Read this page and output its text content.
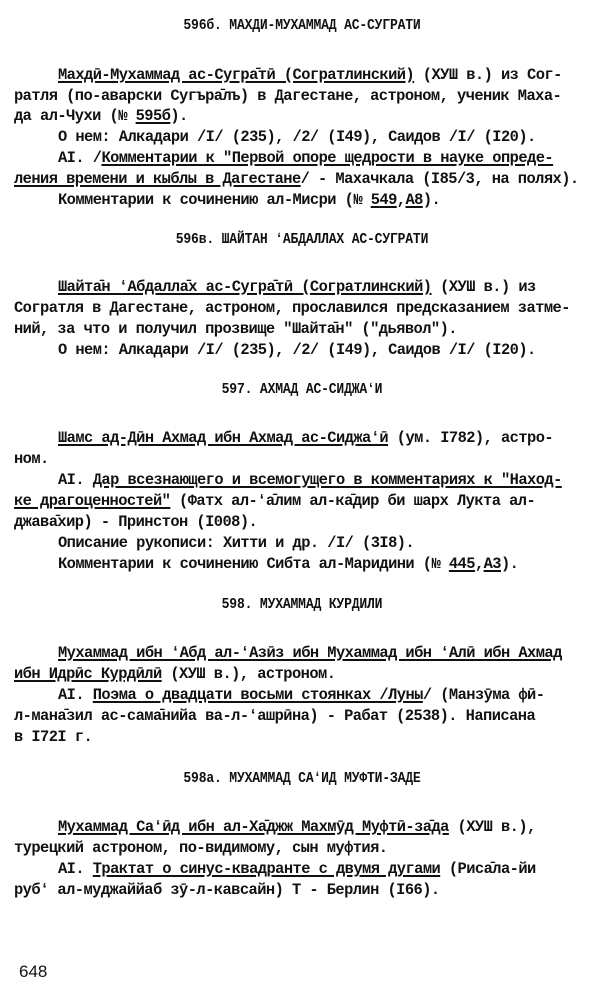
596б. МАХДИ-МУХАММАД АС-СУГРАТИ
Махдӣ-Мухаммад ас-Сугра̄тӣ (Согратлинский) (ХУШ в.) из Сог-
ратля (по-аварски Сугъра̄лъ) в Дагестане, астроном, ученик Маха-
да ал-Чухи (№ 595б).
О нем: Алкадари /I/ (235), /2/ (I49), Саидов /I/ (I20).
AI. /Комментарии к "Первой опоре щедрости в науке опреде-
ления времени и кыблы в Дагестане/ - Махачкала (I85/3, на полях).
Комментарии к сочинению ал-Мисри (№ 549,А8).
596в. ШАЙТАН ʻАБДАЛЛАХ АС-СУГРАТИ
Шайта̄н ʻАбдалла̄х ас-Сугра̄тӣ (Согратлинский) (ХУШ в.) из
Согратля в Дагестане, астроном, прославился предсказанием затме-
ний, за что и получил прозвище "Шайта̄н" ("дьявол").
О нем: Алкадари /I/ (235), /2/ (I49), Саидов /I/ (I20).
597. АХМАД АС-СИДЖАʻИ
Шамс ад-Дӣн Ахмад ибн Ахмад ас-Сиджаʻӣ (ум. I782), астро-
ном.
AI. Дар всезнающего и всемогущего в комментариях к "Наход-
ке драгоценностей" (Фатх ал-ʻа̄лим ал-ка̄дир би шарх Лукта ал-
джава̄хир) - Принстон (I008).
Описание рукописи: Хитти и др. /I/ (3I8).
Комментарии к сочинению Сибта ал-Маридини (№ 445,А3).
598. МУХАММАД КУРДИЛИ
Мухаммад ибн ʻАбд ал-ʻАзӣз ибн Мухаммад ибн ʻАлӣ ибн Ахмад
ибн Идрӣс Курдӣлӣ (ХУШ в.), астроном.
AI. Поэма о двадцати восьми стоянках /Луны/ (Манзӯма фӣ-
л-мана̄зил ас-сама̄нийа ва-л-ʻашрӣна) - Рабат (2538). Написана
в I72I г.
598а. МУХАММАД САʻИД МУФТИ-ЗАДЕ
Мухаммад Саʻӣд ибн ал-Ха̄джж Махмӯд Муфтӣ-за̄да (ХУШ в.),
турецкий астроном, по-видимому, сын муфтия.
AI. Трактат о синус-квадранте с двумя дугами (Риса̄ла-йи
рубʻ ал-муджаййаб зӯ-л-кавсайн) Т - Берлин (I66).
648
